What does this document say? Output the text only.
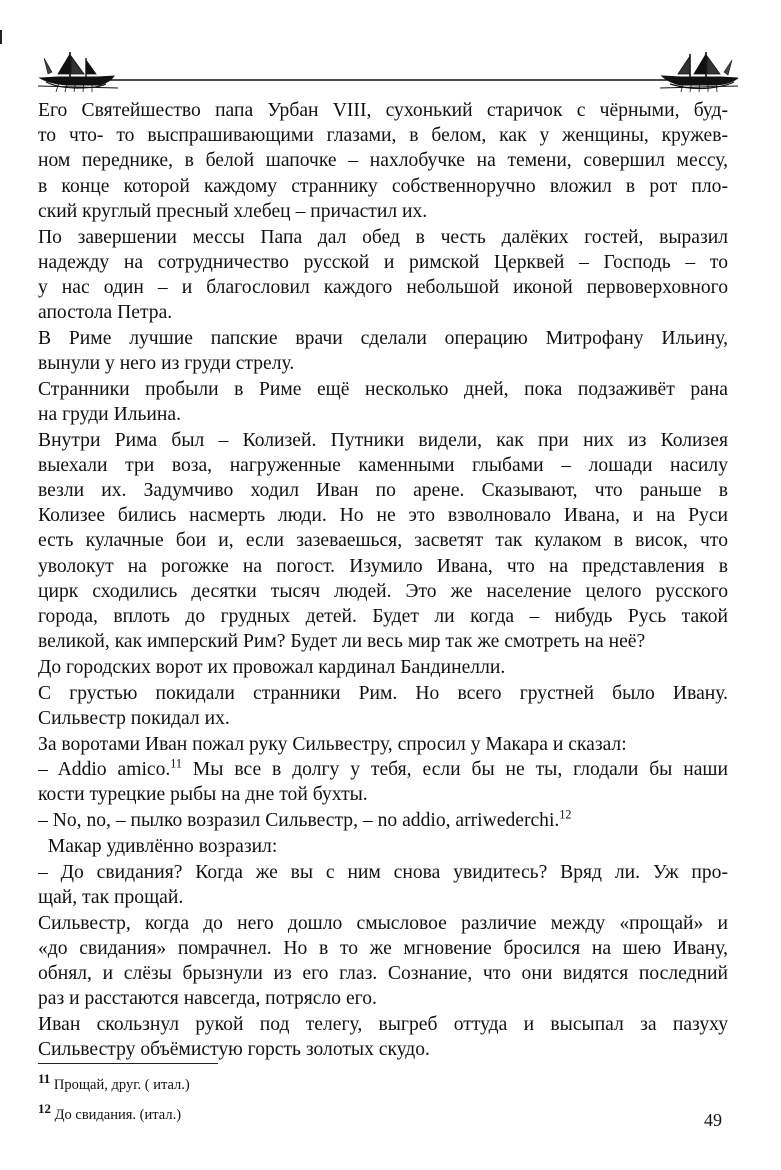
Его Святейшество папа Урбан VIII, сухонький старичок с чёрными, буд-
то что- то выспрашивающими глазами, в белом, как у женщины, кружев-
ном переднике, в белой шапочке – нахлобучке на темени, совершил мессу,
в конце которой каждому страннику собственноручно вложил в рот пло-
ский круглый пресный хлебец – причастил их.
По завершении мессы Папа дал обед в честь далёких гостей, выразил
надежду на сотрудничество русской и римской Церквей – Господь – то
у нас один – и благословил каждого небольшой иконой первоверховного
апостола Петра.
В Риме лучшие папские врачи сделали операцию Митрофану Ильину,
вынули у него из груди стрелу.
Странники пробыли в Риме ещё несколько дней, пока подзаживёт рана
на груди Ильина.
Внутри Рима был – Колизей. Путники видели, как при них из Колизея
выехали три воза, нагруженные каменными глыбами – лошади насилу
везли их. Задумчиво ходил Иван по арене. Сказывают, что раньше в
Колизее бились насмерть люди. Но не это взволновало Ивана, и на Руси
есть кулачные бои и, если зазеваешься, засветят так кулаком в висок, что
уволокут на рогожке на погост. Изумило Ивана, что на представления в
цирк сходились десятки тысяч людей. Это же население целого русского
города, вплоть до грудных детей. Будет ли когда – нибудь Русь такой
великой, как имперский Рим? Будет ли весь мир так же смотреть на неё?
До городских ворот их провожал кардинал Бандинелли.
С грустью покидали странники Рим. Но всего грустней было Ивану.
Сильвестр покидал их.
За воротами Иван пожал руку Сильвестру, спросил у Макара и сказал:
– Addio amico.$^{11}$ Мы все в долгу у тебя, если бы не ты, глодали бы наши
кости турецкие рыбы на дне той бухты.
– No, no, – пылко возразил Сильвестр, – no addio, arriwederchi.$^{12}$
Макар удивлённо возразил:
– До свидания? Когда же вы с ним снова увидитесь? Вряд ли. Уж про-
щай, так прощай.
Сильвестр, когда до него дошло смысловое различие между «прощай» и
«до свидания» помрачнел. Но в то же мгновение бросился на шею Ивану,
обнял, и слёзы брызнули из его глаз. Сознание, что они видятся последний
раз и расстаются навсегда, потрясло его.
Иван скользнул рукой под телегу, выгреб оттуда и высыпал за пазуху
Сильвестру объёмистую горсть золотых скудо.
11 Прощай, друг. ( итал.)
12 До свидания. (итал.)	49
